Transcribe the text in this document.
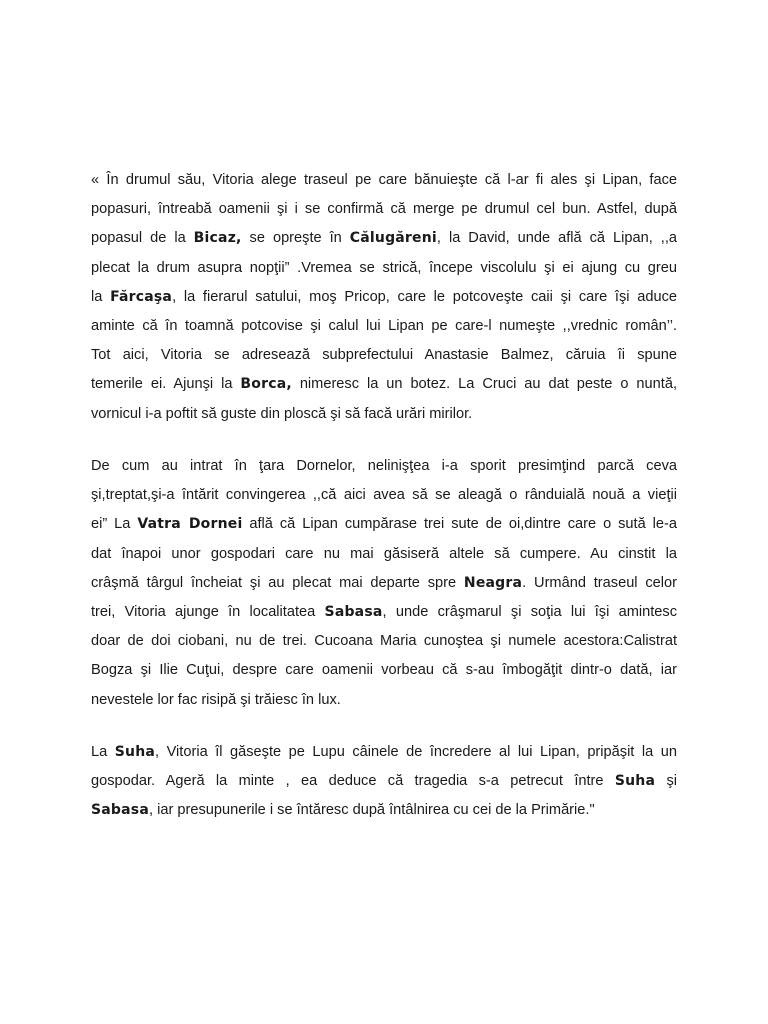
« În drumul său, Vitoria alege traseul pe care bănuieşte că l-ar fi ales şi Lipan, face
popasuri, întreabă oamenii şi i se confirmă că merge pe drumul cel bun. Astfel, după
popasul de la Bicaz, se opreşte în Călugăreni, la David, unde află că Lipan, ,,a
plecat la drum asupra nopţii” .Vremea se strică, începe viscolulu şi ei ajung cu greu
la Fărcaşa, la fierarul satului, moş Pricop, care le potcoveşte caii şi care îşi aduce
aminte că în toamnă potcovise şi calul lui Lipan pe care-l numeşte ,,vrednic român’’.
Tot aici, Vitoria se adresează subprefectului Anastasie Balmez, căruia îi spune
temerile ei. Ajunşi la Borca, nimeresc la un botez. La Cruci au dat peste o nuntă,
vornicul i-a poftit să guste din ploscă şi să facă urări mirilor.
De cum au intrat în ţara Dornelor, nelinişţea i-a sporit presimţind parcă ceva
şi,treptat,şi-a întărit convingerea ,,că aici avea să se aleagă o rânduială nouă a vieţii
ei” La Vatra Dornei află că Lipan cumpărase trei sute de oi,dintre care o sută le-a
dat înapoi unor gospodari care nu mai găsiseră altele să cumpere. Au cinstit la
crâşmă târgul încheiat şi au plecat mai departe spre Neagra. Urmând traseul celor
trei, Vitoria ajunge în localitatea Sabasa, unde crâşmarul şi soţia lui îşi amintesc
doar de doi ciobani, nu de trei. Cucoana Maria cunoştea şi numele acestora:Calistrat
Bogza şi Ilie Cuţui, despre care oamenii vorbeau că s-au îmbogăţit dintr-o dată, iar
nevestele lor fac risipă şi trăiesc în lux.
La Suha, Vitoria îl găseşte pe Lupu câinele de încredere al lui Lipan, pripăşit la un
gospodar. Ageră la minte , ea deduce că tragedia s-a petrecut între Suha şi
Sabasa, iar presupunerile i se întăresc după întâlnirea cu cei de la Primărie."
